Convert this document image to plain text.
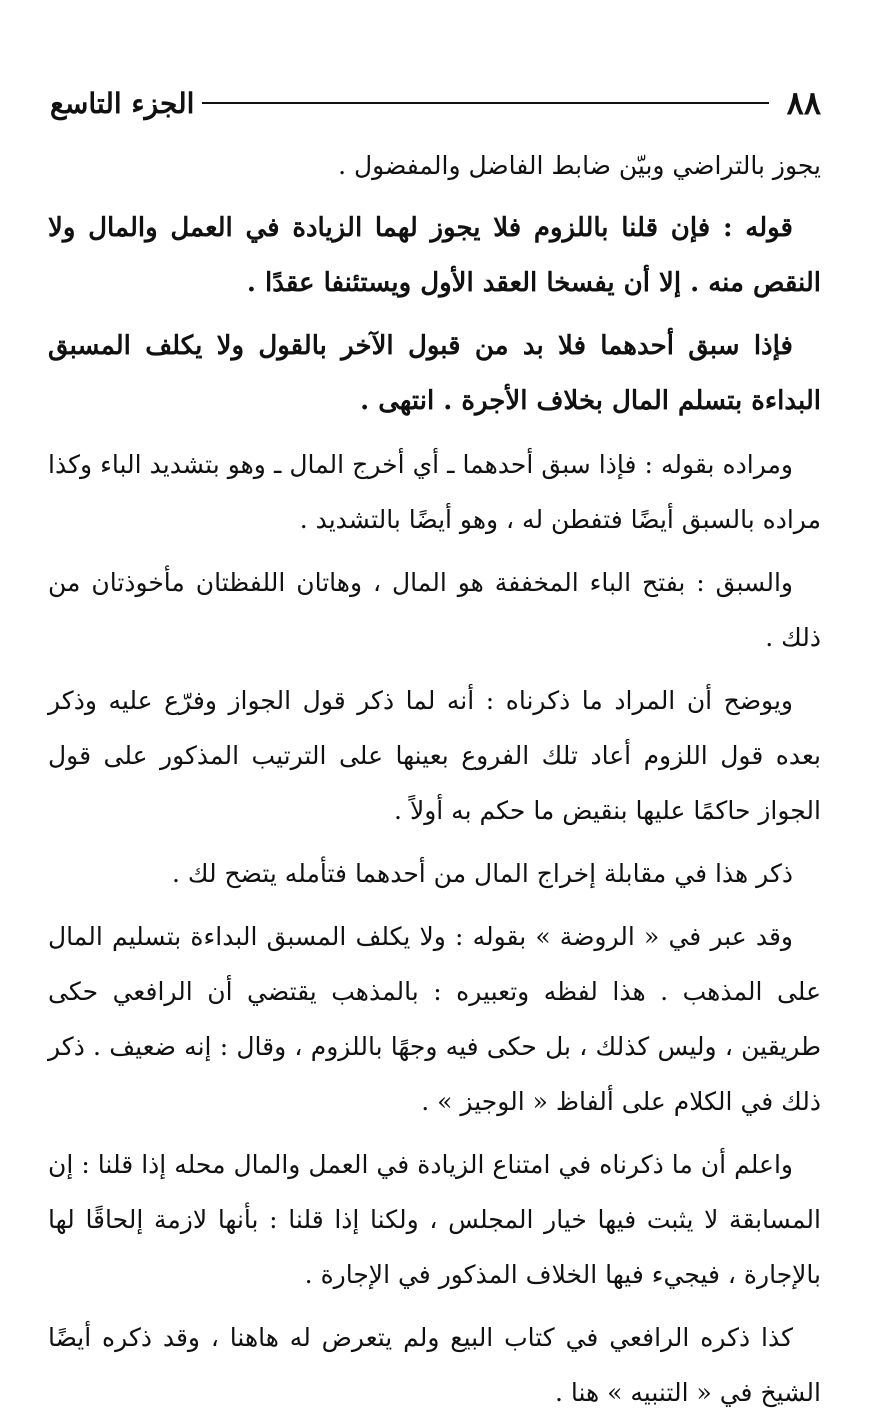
٨٨
الجزء التاسع

يجوز بالتراضي وبيّن ضابط الفاضل والمفضول .

قوله : فإن قلنا باللزوم فلا يجوز لهما الزيادة في العمل والمال ولا النقص منه . إلا أن يفسخا العقد الأول ويستئنفا عقدًا .

فإذا سبق أحدهما فلا بد من قبول الآخر بالقول ولا يكلف المسبق البداءة بتسلم المال بخلاف الأجرة . انتهى .

ومراده بقوله : فإذا سبق أحدهما ـ أي أخرج المال ـ وهو بتشديد الباء وكذا مراده بالسبق أيضًا فتفطن له ، وهو أيضًا بالتشديد .

والسبق : بفتح الباء المخففة هو المال ، وهاتان اللفظتان مأخوذتان من ذلك .

ويوضح أن المراد ما ذكرناه : أنه لما ذكر قول الجواز وفرّع عليه وذكر بعده قول اللزوم أعاد تلك الفروع بعينها على الترتيب المذكور على قول الجواز حاكمًا عليها بنقيض ما حكم به أولاً .

ذكر هذا في مقابلة إخراج المال من أحدهما فتأمله يتضح لك .

وقد عبر في « الروضة » بقوله : ولا يكلف المسبق البداءة بتسليم المال على المذهب . هذا لفظه وتعبيره : بالمذهب يقتضي أن الرافعي حكى طريقين ، وليس كذلك ، بل حكى فيه وجهًا باللزوم ، وقال : إنه ضعيف . ذكر ذلك في الكلام على ألفاظ « الوجيز » .

واعلم أن ما ذكرناه في امتناع الزيادة في العمل والمال محله إذا قلنا : إن المسابقة لا يثبت فيها خيار المجلس ، ولكنا إذا قلنا : بأنها لازمة إلحاقًا لها بالإجارة ، فيجيء فيها الخلاف المذكور في الإجارة .

كذا ذكره الرافعي في كتاب البيع ولم يتعرض له هاهنا ، وقد ذكره أيضًا الشيخ في « التنبيه » هنا .
